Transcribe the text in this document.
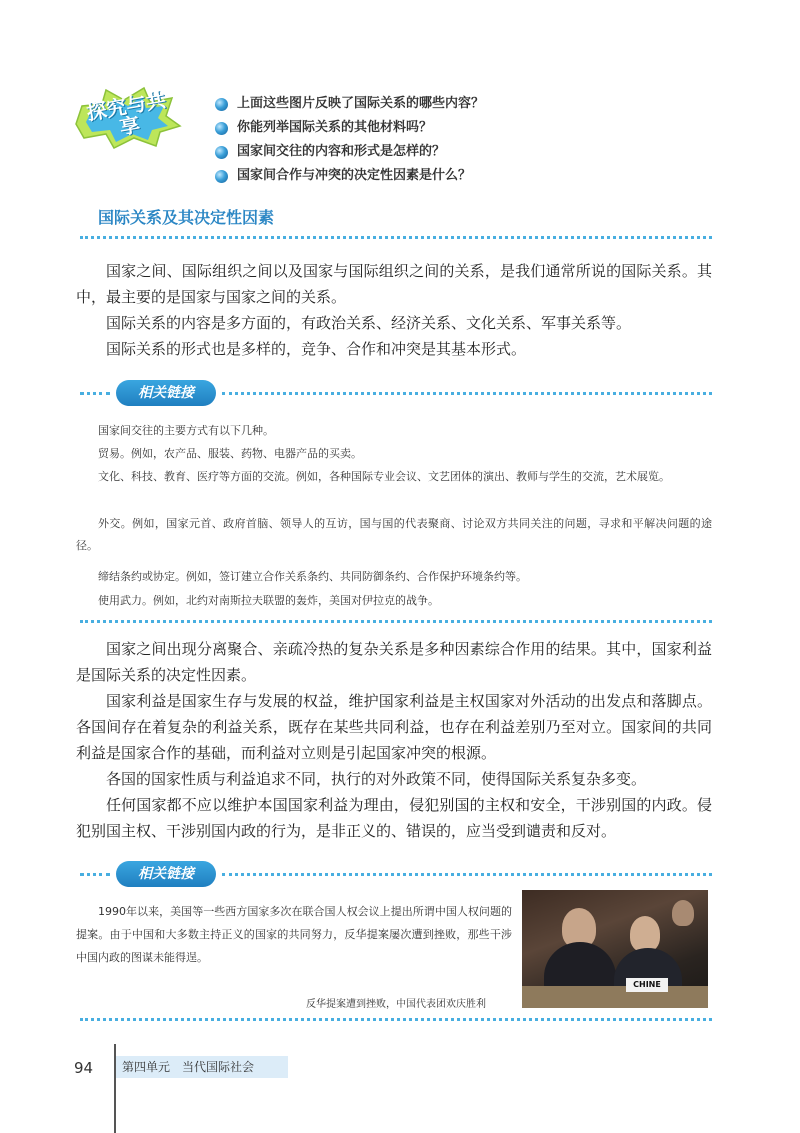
探究与共享
上面这些图片反映了国际关系的哪些内容？
你能列举国际关系的其他材料吗？
国家间交往的内容和形式是怎样的？
国家间合作与冲突的决定性因素是什么？
国际关系及其决定性因素

国家之间、国际组织之间以及国家与国际组织之间的关系，是我们通常所说的国际关系。其中，最主要的是国家与国家之间的关系。

国际关系的内容是多方面的，有政治关系、经济关系、文化关系、军事关系等。

国际关系的形式也是多样的，竞争、合作和冲突是其基本形式。

相关链接

国家间交往的主要方式有以下几种。

贸易。例如，农产品、服装、药物、电器产品的买卖。

文化、科技、教育、医疗等方面的交流。例如，各种国际专业会议、文艺团体的演出、教师与学生的交流，艺术展览。

外交。例如，国家元首、政府首脑、领导人的互访，国与国的代表聚商、讨论双方共同关注的问题，寻求和平解决问题的途径。

缔结条约或协定。例如，签订建立合作关系条约、共同防御条约、合作保护环境条约等。

使用武力。例如，北约对南斯拉夫联盟的轰炸，美国对伊拉克的战争。

国家之间出现分离聚合、亲疏冷热的复杂关系是多种因素综合作用的结果。其中，国家利益是国际关系的决定性因素。

国家利益是国家生存与发展的权益，维护国家利益是主权国家对外活动的出发点和落脚点。各国间存在着复杂的利益关系，既存在某些共同利益，也存在利益差别乃至对立。国家间的共同利益是国家合作的基础，而利益对立则是引起国家冲突的根源。

各国的国家性质与利益追求不同，执行的对外政策不同，使得国际关系复杂多变。

任何国家都不应以维护本国国家利益为理由，侵犯别国的主权和安全，干涉别国的内政。侵犯别国主权、干涉别国内政的行为，是非正义的、错误的，应当受到谴责和反对。

相关链接

1990年以来，美国等一些西方国家多次在联合国人权会议上提出所谓中国人权问题的提案。由于中国和大多数主持正义的国家的共同努力，反华提案屡次遭到挫败，那些干涉中国内政的图谋未能得逞。

CHINE
反华提案遭到挫败，中国代表团欢庆胜利
94	第四单元　当代国际社会
